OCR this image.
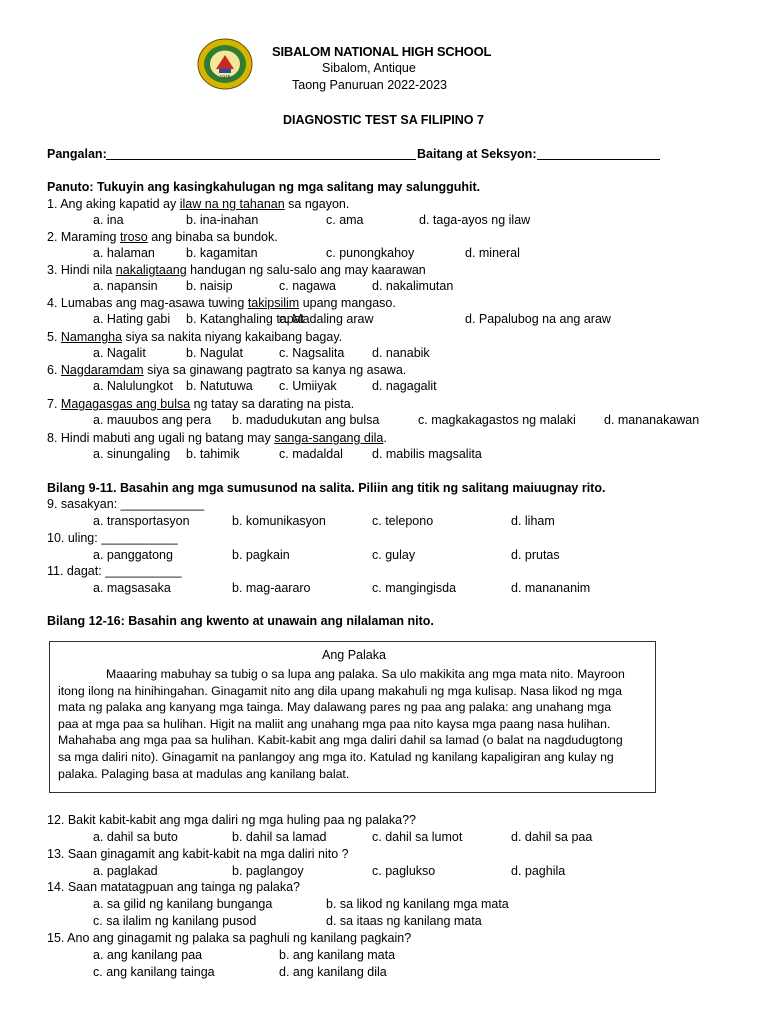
1945
SIBALOM NATIONAL HIGH SCHOOL
Sibalom, Antique
Taong Panuruan 2022-2023
DIAGNOSTIC TEST SA FILIPINO 7
Pangalan:	Baitang at Seksyon:
Panuto: Tukuyin ang kasingkahulugan ng mga salitang may salungguhit.
1. Ang aking kapatid ay ilaw na ng tahanan sa ngayon.
a. ina	b. ina-inahan	c. ama	d. taga-ayos ng ilaw
2. Maraming troso ang binaba sa bundok.
a. halaman b. kagamitan	c. punongkahoy	d. mineral
3. Hindi nila nakaligtaang handugan ng salu-salo ang may kaarawan
a. napansin b. naisip	c. nagawa	d. nakalimutan
4. Lumabas ang mag-asawa tuwing takipsilim upang mangaso.
a. Hating gabi b. Katanghaling tapat
c. Madaling araw	d. Papalubog na ang araw
5. Namangha siya sa nakita niyang kakaibang bagay.
a. Nagalit	b. Nagulat	c. Nagsalita d. nanabik
6. Nagdaramdam siya sa ginawang pagtrato sa kanya ng asawa.
a. Nalulungkot b. Natutuwa c. Umiiyak	d. nagagalit
7. Magagasgas ang bulsa ng tatay sa darating na pista.
a. mauubos ang pera b. madudukutan ang bulsa	c. magkakagastos ng malaki d. mananakawan
8. Hindi mabuti ang ugali ng batang may sanga-sangang dila.
a. sinungaling b. tahimik	c. madaldal d. mabilis magsalita
Bilang 9-11. Basahin ang mga sumusunod na salita. Piliin ang titik ng salitang maiuugnay rito.
9. sasakyan: ____________
a. transportasyon	b. komunikasyon	c. telepono	d. liham
10. uling: ___________
a. panggatong	b. pagkain	c. gulay	d. prutas
11. dagat: ___________
a. magsasaka	b. mag-aararo	c. mangingisda	d. manananim
Bilang 12-16: Basahin ang kwento at unawain ang nilalaman nito.
Ang Palaka

Maaaring mabuhay sa tubig o sa lupa ang palaka. Sa ulo makikita ang mga mata nito. Mayroon

itong ilong na hinihingahan. Ginagamit nito ang dila upang makahuli ng mga kulisap. Nasa likod ng mga

mata ng palaka ang kanyang mga tainga. May dalawang pares ng paa ang palaka: ang unahang mga

paa at mga paa sa hulihan. Higit na maliit ang unahang mga paa nito kaysa mga paang nasa hulihan.

Mahahaba ang mga paa sa hulihan. Kabit-kabit ang mga daliri dahil sa lamad (o balat na nagdudugtong

sa mga daliri nito). Ginagamit na panlangoy ang mga ito. Katulad ng kanilang kapaligiran ang kulay ng

palaka. Palaging basa at madulas ang kanilang balat.

12. Bakit kabit-kabit ang mga daliri ng mga huling paa ng palaka??
a. dahil sa buto	b. dahil sa lamad	c. dahil sa lumot	d. dahil sa paa
13. Saan ginagamit ang kabit-kabit na mga daliri nito ?
a. paglakad	b. paglangoy	c. paglukso	d. paghila
14. Saan matatagpuan ang tainga ng palaka?
a. sa gilid ng kanilang bunganga	b. sa likod ng kanilang mga mata
c. sa ilalim ng kanilang pusod	d. sa itaas ng kanilang mata
15. Ano ang ginagamit ng palaka sa paghuli ng kanilang pagkain?
a. ang kanilang paa	b. ang kanilang mata
c. ang kanilang tainga	d. ang kanilang dila
